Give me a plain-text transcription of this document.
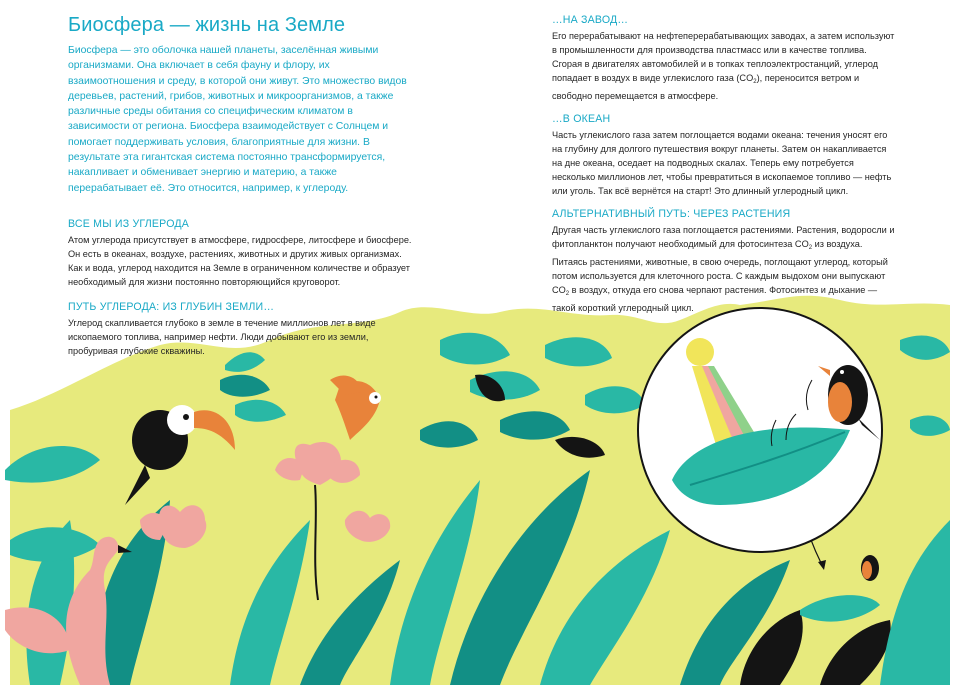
Биосфера — жизнь на Земле

Биосфера — это оболочка нашей планеты, заселённая живыми организмами. Она включает в себя фауну и флору, их взаимоотношения и среду, в которой они живут. Это множество видов деревьев, растений, грибов, животных и микроорганизмов, а также различные среды обитания со специфическим климатом в зависимости от региона. Биосфера взаимодействует с Солнцем и помогает поддерживать условия, благоприятные для жизни. В результате эта гигантская система постоянно трансформируется, накапливает и обменивает энергию и материю, а также перерабатывает её. Это относится, например, к углероду.

ВСЕ МЫ ИЗ УГЛЕРОДА

Атом углерода присутствует в атмосфере, гидросфере, литосфере и биосфере. Он есть в океанах, воздухе, растениях, животных и других живых организмах. Как и вода, углерод находится на Земле в ограниченном количестве и образует необходимый для жизни постоянно повторяющийся круговорот.

ПУТЬ УГЛЕРОДА: ИЗ ГЛУБИН ЗЕМЛИ…

Углерод скапливается глубоко в земле в течение миллионов лет в виде ископаемого топлива, например нефти. Люди добывают его из земли, пробуривая глубокие скважины.

…НА ЗАВОД…

Его перерабатывают на нефтеперерабатывающих заводах, а затем используют в промышленности для производства пластмасс или в качестве топлива. Сгорая в двигателях автомобилей и в топках теплоэлектростанций, углерод попадает в воздух в виде углекислого газа $(CO_2)$, переносится ветром и свободно перемещается в атмосфере.

…В ОКЕАН

Часть углекислого газа затем поглощается водами океана: течения уносят его на глубину для долгого путешествия вокруг планеты. Затем он накапливается на дне океана, оседает на подводных скалах. Теперь ему потребуется несколько миллионов лет, чтобы превратиться в ископаемое топливо — нефть или уголь. Так всё вернётся на старт! Это длинный углеродный цикл.

АЛЬТЕРНАТИВНЫЙ ПУТЬ: ЧЕРЕЗ РАСТЕНИЯ

Другая часть углекислого газа поглощается растениями. Растения, водоросли и фитопланктон получают необходимый для фотосинтеза $CO_2$ из воздуха. Питаясь растениями, животные, в свою очередь, поглощают углерод, который потом используется для клеточного роста. С каждым выдохом они выпускают $CO_2$ в воздух, откуда его снова черпают растения. Фотосинтез и дыхание — такой короткий углеродный цикл.
